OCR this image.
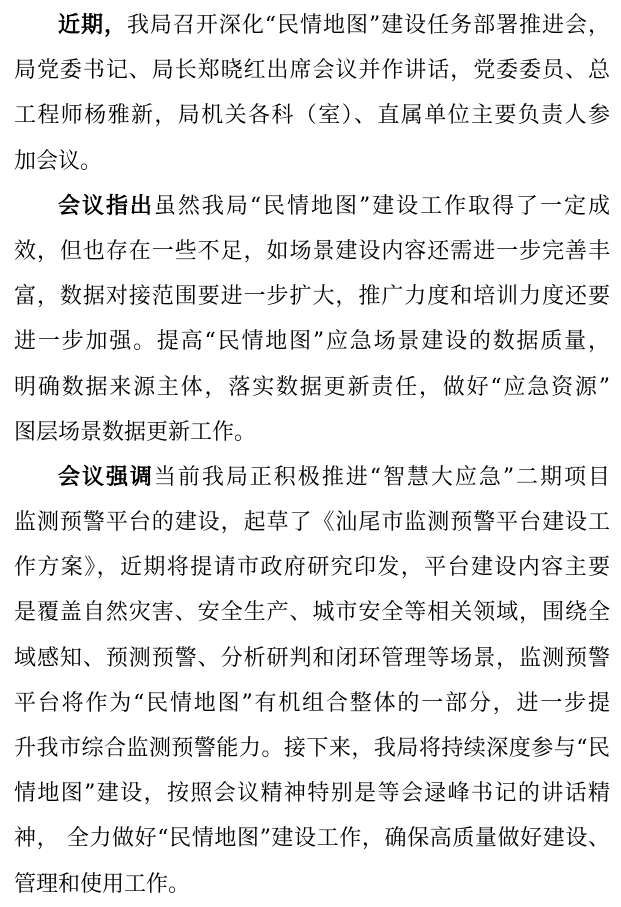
近期，我局召开深化“民情地图”建设任务部署推进会，
局党委书记、局长郑晓红出席会议并作讲话，党委委员、总
工程师杨雅新，局机关各科（室）、直属单位主要负责人参
加会议。
会议指出虽然我局“民情地图”建设工作取得了一定成
效，但也存在一些不足，如场景建设内容还需进一步完善丰
富，数据对接范围要进一步扩大，推广力度和培训力度还要
进一步加强。提高“民情地图”应急场景建设的数据质量，
明确数据来源主体，落实数据更新责任，做好“应急资源”
图层场景数据更新工作。
会议强调当前我局正积极推进“智慧大应急”二期项目
监测预警平台的建设，起草了《汕尾市监测预警平台建设工
作方案》，近期将提请市政府研究印发，平台建设内容主要
是覆盖自然灾害、安全生产、城市安全等相关领域，围绕全
域感知、预测预警、分析研判和闭环管理等场景，监测预警
平台将作为“民情地图”有机组合整体的一部分，进一步提
升我市综合监测预警能力。接下来，我局将持续深度参与“民
情地图”建设，按照会议精神特别是等会逯峰书记的讲话精
神， 全力做好“民情地图”建设工作，确保高质量做好建设、
管理和使用工作。
